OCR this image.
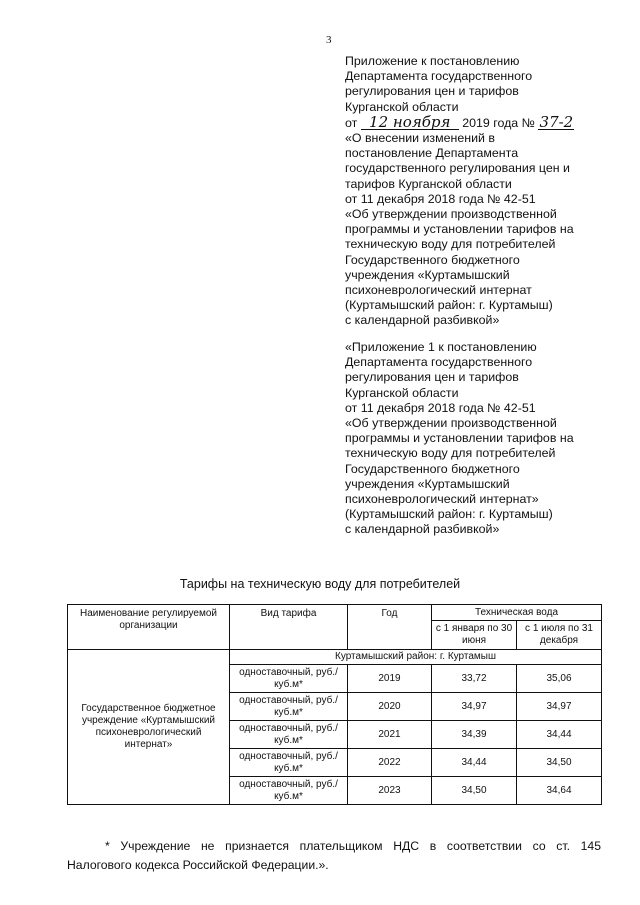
3

Приложение к постановлению

Департамента государственного

регулирования цен и тарифов

Курганской области

от 12 ноября 2019 года № 37-2

«О внесении изменений в

постановление Департамента

государственного регулирования цен и

тарифов Курганской области

от 11 декабря 2018 года № 42-51

«Об утверждении производственной

программы и установлении тарифов на

техническую воду для потребителей

Государственного бюджетного

учреждения «Куртамышский

психоневрологический интернат

(Куртамышский район: г. Куртамыш)

с календарной разбивкой»

«Приложение 1 к постановлению

Департамента государственного

регулирования цен и тарифов

Курганской области

от 11 декабря 2018 года № 42-51

«Об утверждении производственной

программы и установлении тарифов на

техническую воду для потребителей

Государственного бюджетного

учреждения «Куртамышский

психоневрологический интернат»

(Куртамышский район: г. Куртамыш)

с календарной разбивкой»

Тарифы на техническую воду для потребителей
Наименование регулируемой организации	Вид тарифа	Год	Техническая вода	
			с 1 января по 30 июня	с 1 июля по 31 декабря
Государственное бюджетное учреждение «Куртамышский психоневрологический интернат»	Куртамышский район: г. Куртамыш			
	одноставочный, руб./куб.м*	2019	33,72	35,06
	одноставочный, руб./куб.м*	2020	34,97	34,97
	одноставочный, руб./куб.м*	2021	34,39	34,44
	одноставочный, руб./куб.м*	2022	34,44	34,50
	одноставочный, руб./куб.м*	2023	34,50	34,64
* Учреждение не признается плательщиком НДС в соответствии со ст. 145
Налогового кодекса Российской Федерации.».
